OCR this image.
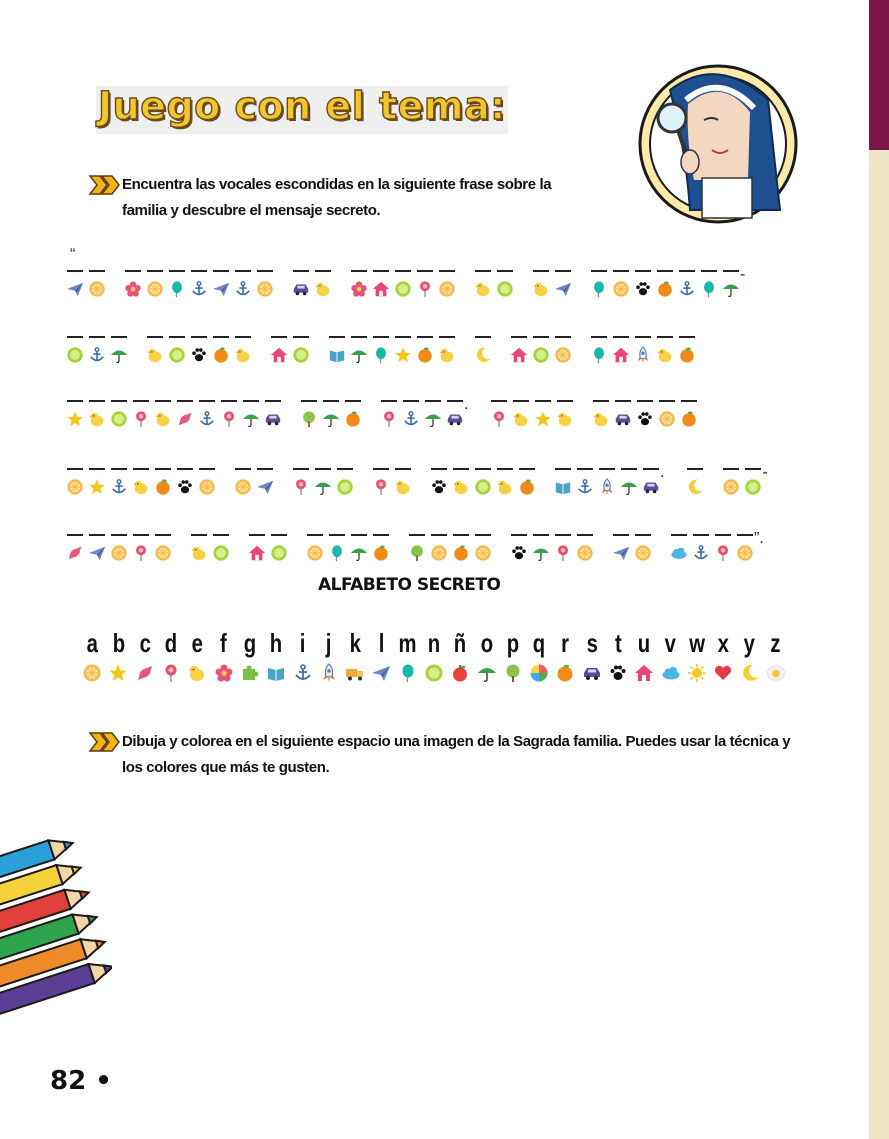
Juego con el tema:
Encuentra las vocales escondidas en la siguiente frase sobre la familia y descubre el mensaje secreto.
“
-
.
.	-
”.
ALFABETO SECRETO
a b c d e f g h i j k l m n ñ o p q r s t u v w x y z
Dibuja y colorea en el siguiente espacio una imagen de la Sagrada familia. Puedes usar la técnica y los colores que más te gusten.
82 •
